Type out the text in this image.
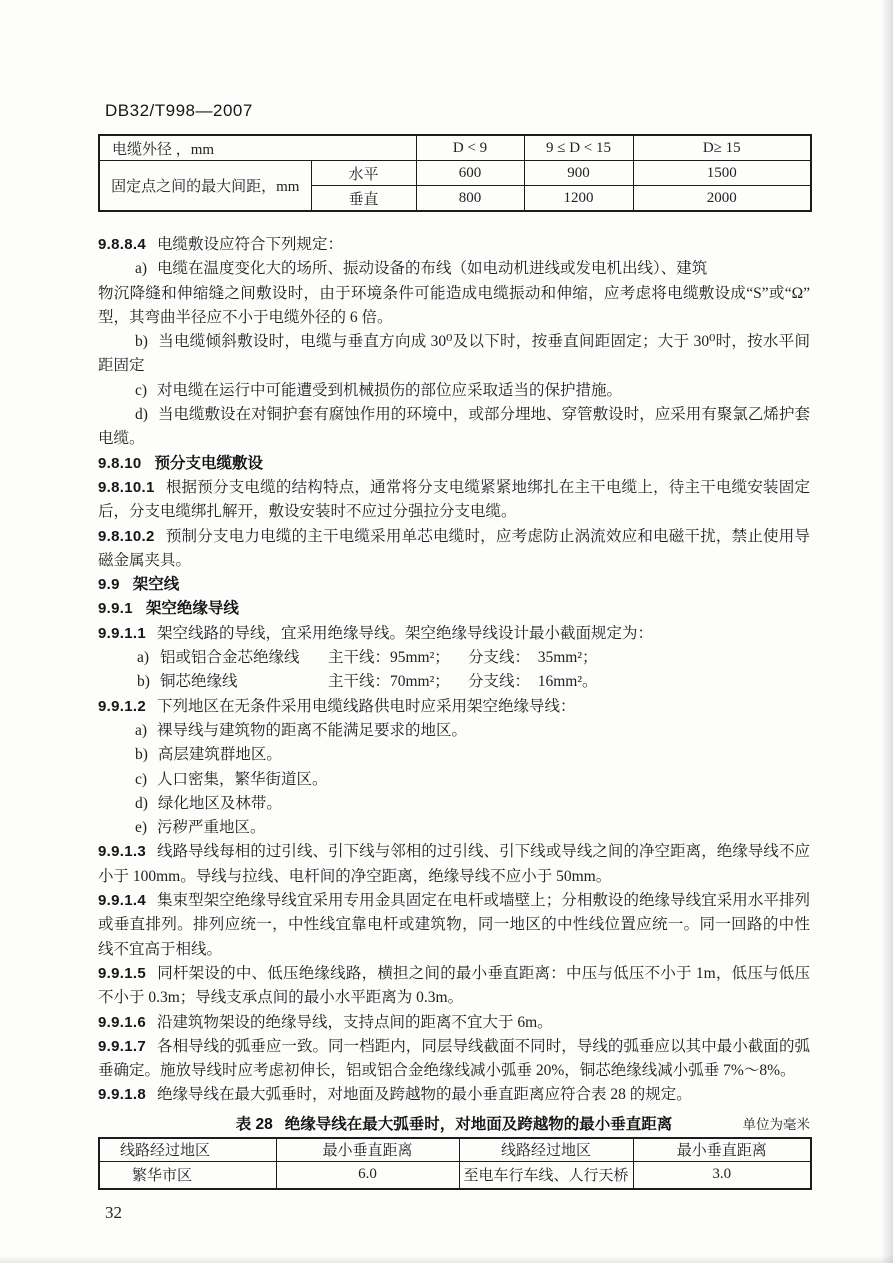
DB32/T998—2007
电缆外径 ，mm		D < 9	9 ≤ D < 15	D≥ 15
固定点之间的最大间距，mm	水平	600	900	1500
	垂直	800	1200	2000

9.8.8.4 电缆敷设应符合下列规定：

a) 电缆在温度变化大的场所、振动设备的布线（如电动机进线或发电机出线）、建筑

物沉降缝和伸缩缝之间敷设时，由于环境条件可能造成电缆振动和伸缩，应考虑将电缆敷设成“S”或“Ω”型，其弯曲半径应不小于电缆外径的 6 倍。

b) 当电缆倾斜敷设时，电缆与垂直方向成 30⁰及以下时，按垂直间距固定；大于 30⁰时，按水平间距固定

c) 对电缆在运行中可能遭受到机械损伤的部位应采取适当的保护措施。

d) 当电缆敷设在对铜护套有腐蚀作用的环境中，或部分埋地、穿管敷设时，应采用有聚氯乙烯护套电缆。

9.8.10 预分支电缆敷设

9.8.10.1 根据预分支电缆的结构特点，通常将分支电缆紧紧地绑扎在主干电缆上，待主干电缆安装固定后，分支电缆绑扎解开，敷设安装时不应过分强拉分支电缆。

9.8.10.2 预制分支电力电缆的主干电缆采用单芯电缆时，应考虑防止涡流效应和电磁干扰，禁止使用导磁金属夹具。

9.9 架空线

9.9.1 架空绝缘导线

9.9.1.1 架空线路的导线，宜采用绝缘导线。架空绝缘导线设计最小截面规定为：

a) 铝或铝合金芯绝缘线	主干线：95mm²；	分支线：　35mm²；
b) 铜芯绝缘线	主干线：70mm²；	分支线：　16mm²。

9.9.1.2 下列地区在无条件采用电缆线路供电时应采用架空绝缘导线：

a) 裸导线与建筑物的距离不能满足要求的地区。

b) 高层建筑群地区。

c) 人口密集，繁华街道区。

d) 绿化地区及林带。

e) 污秽严重地区。

9.9.1.3 线路导线每相的过引线、引下线与邻相的过引线、引下线或导线之间的净空距离，绝缘导线不应小于 100mm。导线与拉线、电杆间的净空距离，绝缘导线不应小于 50mm。

9.9.1.4 集束型架空绝缘导线宜采用专用金具固定在电杆或墙壁上；分相敷设的绝缘导线宜采用水平排列或垂直排列。排列应统一，中性线宜靠电杆或建筑物，同一地区的中性线位置应统一。同一回路的中性线不宜高于相线。

9.9.1.5 同杆架设的中、低压绝缘线路，横担之间的最小垂直距离：中压与低压不小于 1m，低压与低压不小于 0.3m；导线支承点间的最小水平距离为 0.3m。

9.9.1.6 沿建筑物架设的绝缘导线，支持点间的距离不宜大于 6m。

9.9.1.7 各相导线的弧垂应一致。同一档距内，同层导线截面不同时，导线的弧垂应以其中最小截面的弧垂确定。施放导线时应考虑初伸长，铝或铝合金绝缘线减小弧垂 20%，铜芯绝缘线减小弧垂 7%～8%。

9.9.1.8 绝缘导线在最大弧垂时，对地面及跨越物的最小垂直距离应符合表 28 的规定。

表 28 绝缘导线在最大弧垂时，对地面及跨越物的最小垂直距离	单位为毫米
线路经过地区	最小垂直距离	线路经过地区	最小垂直距离
繁华市区	6.0	至电车行车线、人行天桥	3.0
32
